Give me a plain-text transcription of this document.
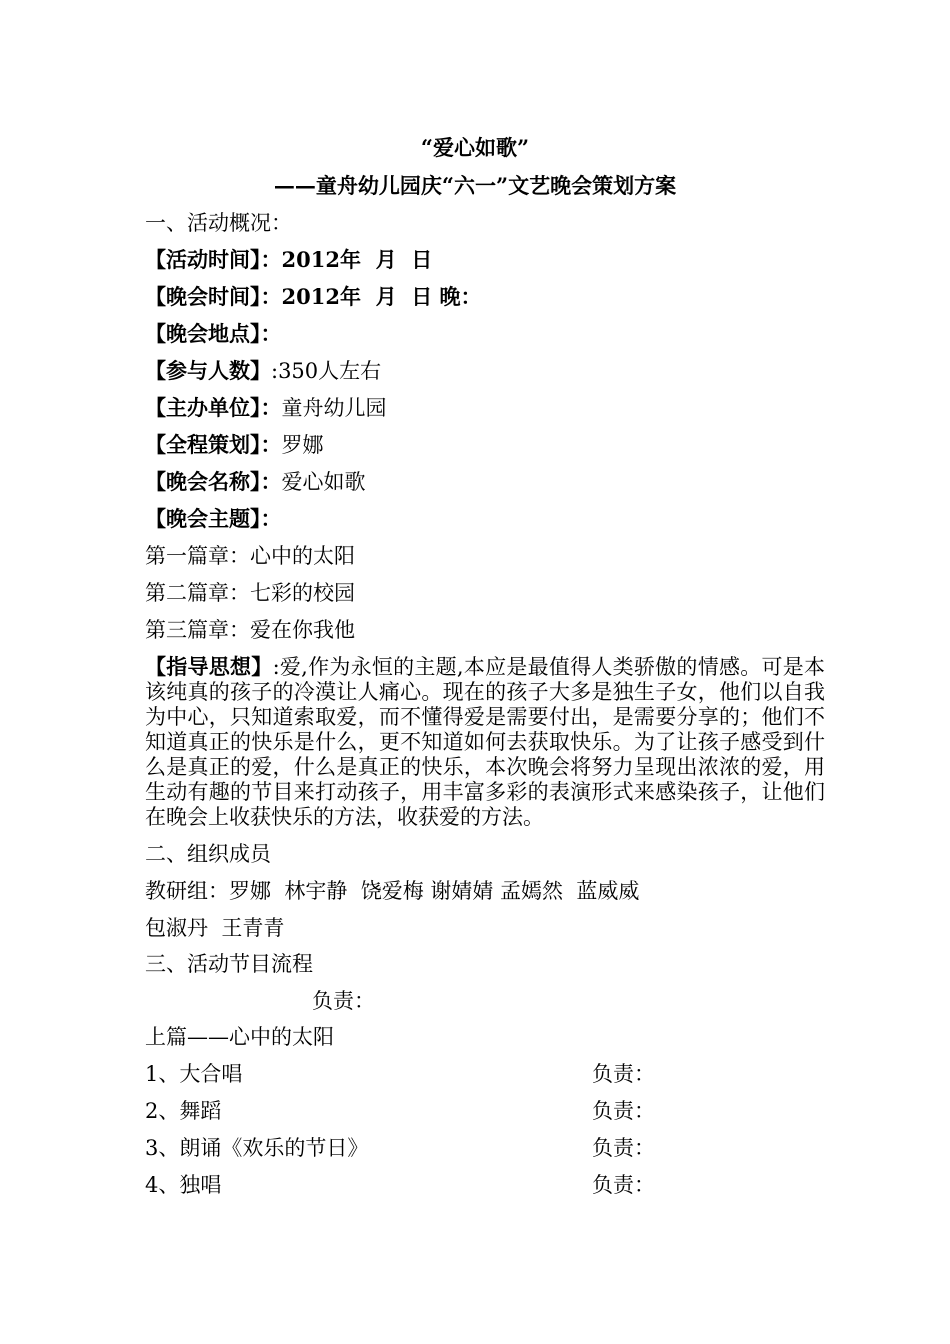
“爱心如歌”
——童舟幼儿园庆“六一”文艺晚会策划方案
一、活动概况：
【活动时间】：2012年  月  日
【晚会时间】：2012年  月  日 晚：
【晚会地点】：
【参与人数】:350人左右
【主办单位】：童舟幼儿园
【全程策划】：罗娜
【晚会名称】：爱心如歌
【晚会主题】：
第一篇章：心中的太阳
第二篇章：七彩的校园
第三篇章：爱在你我他
【指导思想】:爱,作为永恒的主题,本应是最值得人类骄傲的情感。可是本该纯真的孩子的冷漠让人痛心。现在的孩子大多是独生子女，他们以自我为中心，只知道索取爱，而不懂得爱是需要付出，是需要分享的；他们不知道真正的快乐是什么，更不知道如何去获取快乐。为了让孩子感受到什么是真正的爱，什么是真正的快乐，本次晚会将努力呈现出浓浓的爱，用生动有趣的节目来打动孩子，用丰富多彩的表演形式来感染孩子，让他们在晚会上收获快乐的方法，收获爱的方法。
二、组织成员
教研组：罗娜  林宇静  饶爱梅 谢婧婧 孟嫣然  蓝威威
包淑丹  王青青
三、活动节目流程
负责：
上篇——心中的太阳
1、大合唱	负责：
2、舞蹈	负责：
3、朗诵《欢乐的节日》	负责：
4、独唱	负责：
